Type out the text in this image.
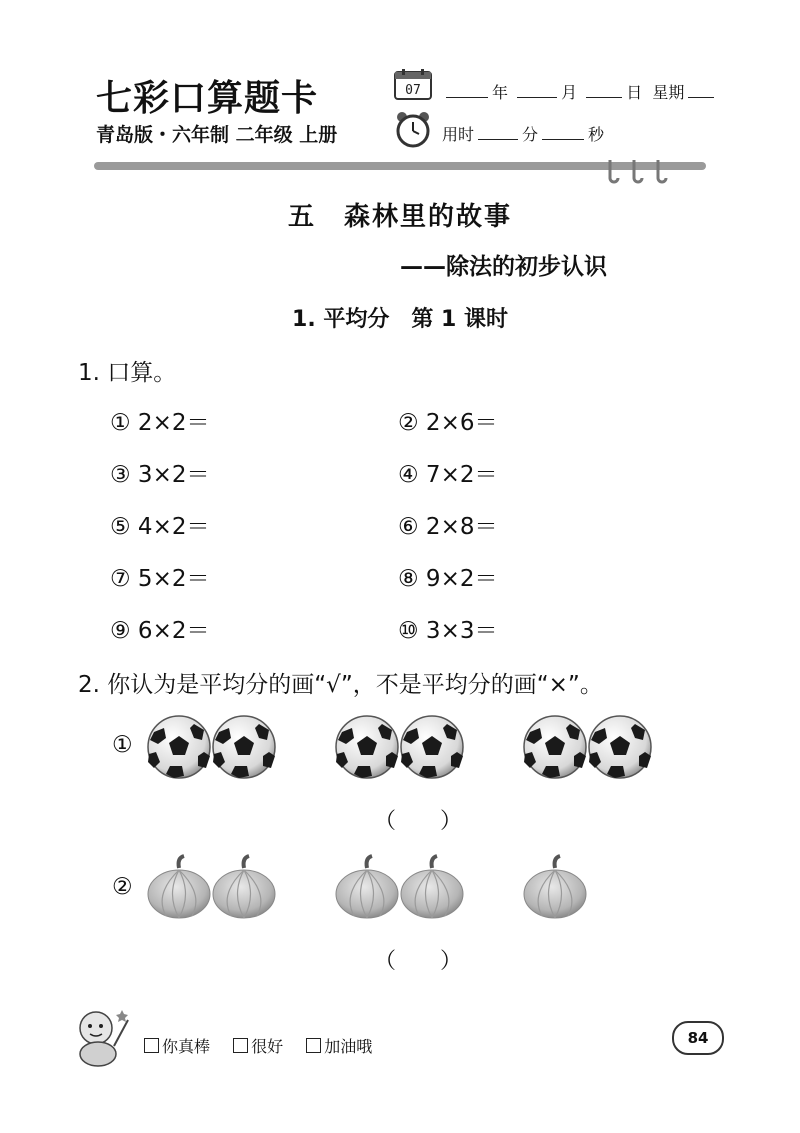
七彩口算题卡
青岛版・六年制 二年级 上册
07	年	月	日 星期
用时	分	秒
五　森林里的故事
——除法的初步认识
1. 平均分　第 1 课时
1. 口算。
① 2×2＝	② 2×6＝
③ 3×2＝	④ 7×2＝
⑤ 4×2＝	⑥ 2×8＝
⑦ 5×2＝	⑧ 9×2＝
⑨ 6×2＝	⑩ 3×3＝
2. 你认为是平均分的画“√”，不是平均分的画“×”。
①
（　　）
②
（　　）
你真棒	很好	加油哦	84
